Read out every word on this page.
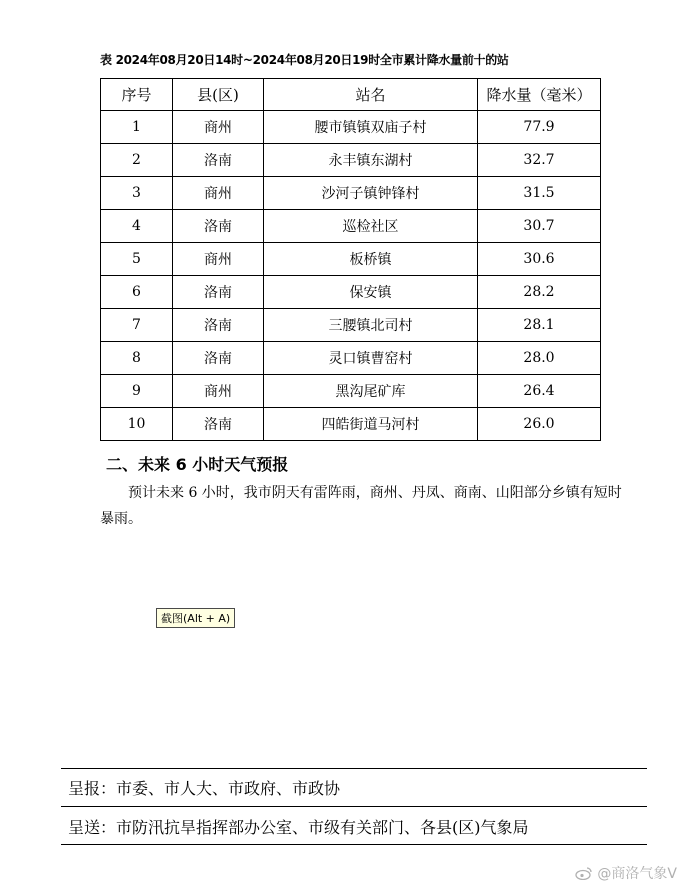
表 2024年08月20日14时~2024年08月20日19时全市累计降水量前十的站
序号	县(区)	站名	降水量（毫米）
1	商州	腰市镇镇双庙子村	77.9
2	洛南	永丰镇东湖村	32.7
3	商州	沙河子镇钟锋村	31.5
4	洛南	巡检社区	30.7
5	商州	板桥镇	30.6
6	洛南	保安镇	28.2
7	洛南	三腰镇北司村	28.1
8	洛南	灵口镇曹窑村	28.0
9	商州	黑沟尾矿库	26.4
10	洛南	四皓街道马河村	26.0
二、未来 6 小时天气预报
预计未来 6 小时，我市阴天有雷阵雨，商州、丹凤、商南、山阳部分乡镇有短时暴雨。
截图(Alt + A)
呈报：市委、市人大、市政府、市政协
呈送：市防汛抗旱指挥部办公室、市级有关部门、各县(区)气象局
@商洛气象V
